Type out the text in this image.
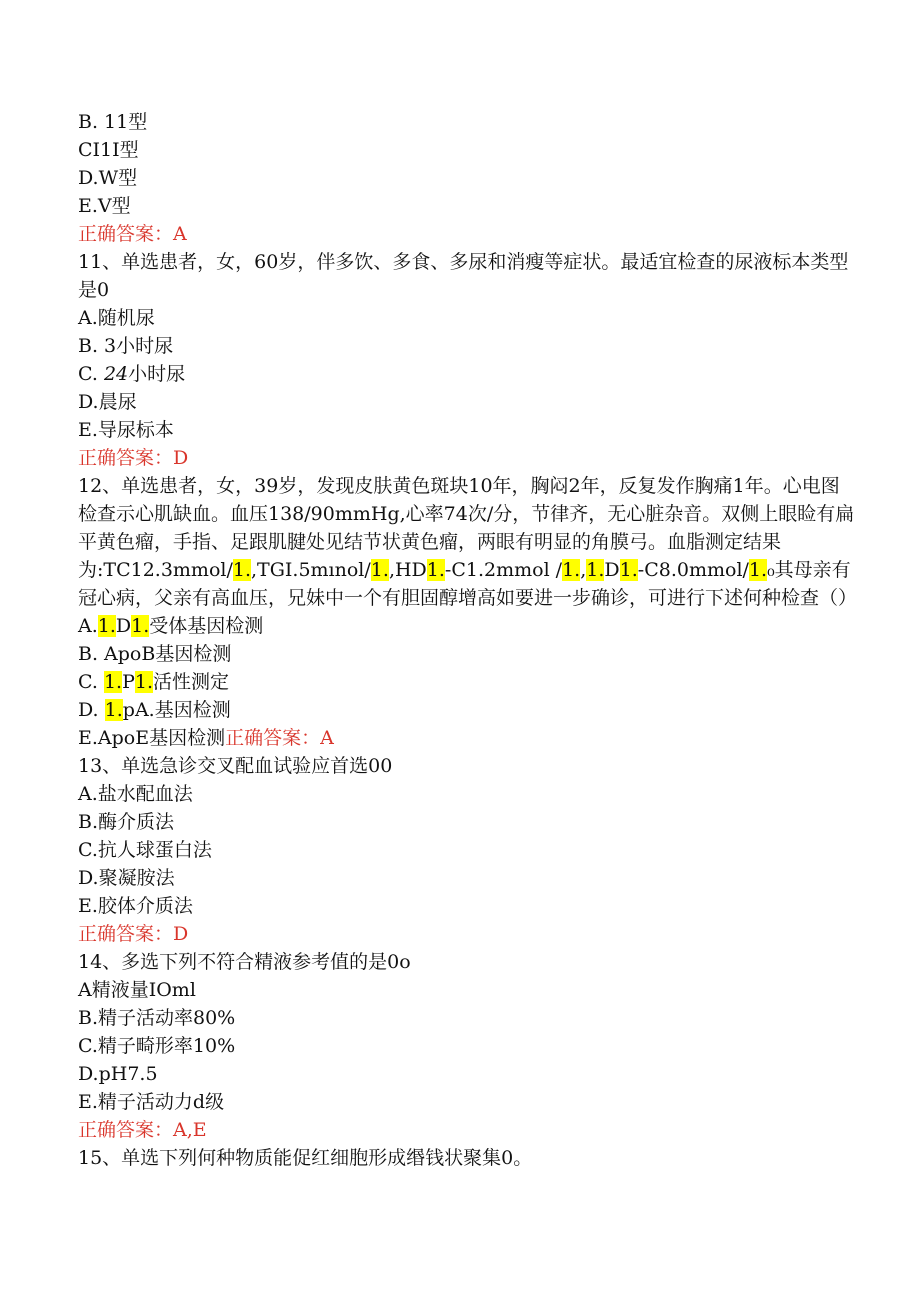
B. 11型
CI1I型
D.W型
E.V型
正确答案：A
11、单选患者，女，60岁，伴多饮、多食、多尿和消瘦等症状。最适宜检查的尿液标本类型是0
A.随机尿
B. 3小时尿
C. 24小时尿
D.晨尿
E.导尿标本
正确答案：D
12、单选患者，女，39岁，发现皮肤黄色斑块10年，胸闷2年，反复发作胸痛1年。心电图检查示心肌缺血。血压138/90mmHg,心率74次/分，节律齐，无心脏杂音。双侧上眼睑有扁平黄色瘤，手指、足跟肌腱处见结节状黄色瘤，两眼有明显的角膜弓。血脂测定结果为:TC12.3mmol/1.,TGI.5mınol/1.,HD1.-C1.2mmol /1.,1.D1.-C8.0mmol/1.₀其母亲有冠心病，父亲有高血压，兄妹中一个有胆固醇增高如要进一步确诊，可进行下述何种检查（）A.1.D1.受体基因检测
B. ApoB基因检测
C. 1.P1.活性测定
D. 1.pA.基因检测
E.ApoE基因检测正确答案：A
13、单选急诊交叉配血试验应首选00
A.盐水配血法
B.酶介质法
C.抗人球蛋白法
D.聚凝胺法
E.胶体介质法
正确答案：D
14、多选下列不符合精液参考值的是0o
A精液量IOml
B.精子活动率80%
C.精子畸形率10%
D.pH7.5
E.精子活动力d级
正确答案：A,E
15、单选下列何种物质能促红细胞形成缗钱状聚集0。
